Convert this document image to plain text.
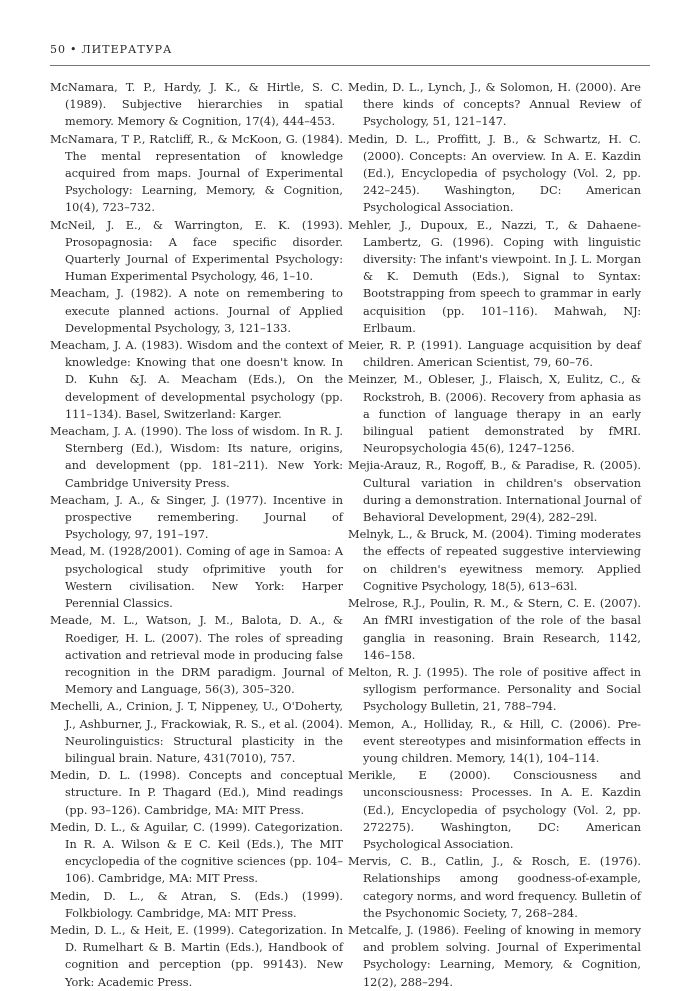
50 • ЛИТЕРАТУРА

McNamara, T. P., Hardy, J. K., & Hirtle, S. C. (1989). Subjective hierarchies in spatial memory. Memory & Cognition, 17(4), 444–453.

McNamara, T P., Ratcliff, R., & McKoon, G. (1984). The mental representation of knowledge acquired from maps. Journal of Experimental Psychology: Learning, Memory, & Cognition, 10(4), 723–732.

McNeil, J. E., & Warrington, E. K. (1993). Prosopagnosia: A face specific disorder. Quarterly Journal of Experimental Psychology: Human Experimental Psychology, 46, 1–10.

Meacham, J. (1982). A note on remembering to execute planned actions. Journal of Applied Developmental Psychology, 3, 121–133.

Meacham, J. A. (1983). Wisdom and the context of knowledge: Knowing that one doesn't know. In D. Kuhn &J. A. Meacham (Eds.), On the development of developmental psychology (pp. 111–134). Basel, Switzerland: Karger.

Meacham, J. A. (1990). The loss of wisdom. In R. J. Sternberg (Ed.), Wisdom: Its nature, origins, and development (pp. 181–211). New York: Cambridge University Press.

Meacham, J. A., & Singer, J. (1977). Incentive in prospective remembering. Journal of Psychology, 97, 191–197.

Mead, M. (1928/2001). Coming of age in Samoa: A psychological study ofprimitive youth for Western civilisation. New York: Harper Perennial Classics.

Meade, M. L., Watson, J. M., Balota, D. A., & Roediger, H. L. (2007). The roles of spreading activation and retrieval mode in producing false recognition in the DRM paradigm. Journal of Memory and Language, 56(3), 305–320.

Mechelli, A., Crinion, J. T, Nippeney, U., O'Doherty, J., Ashburner, J., Frackowiak, R. S., et al. (2004). Neurolinguistics: Structural plasticity in the bilingual brain. Nature, 431(7010), 757.

Medin, D. L. (1998). Concepts and conceptual structure. In P. Thagard (Ed.), Mind readings (pp. 93–126). Cambridge, MA: MIT Press.

Medin, D. L., & Aguilar, C. (1999). Categorization. In R. A. Wilson & E C. Keil (Eds.), The MIT encyclopedia of the cognitive sciences (pp. 104–106). Cambridge, MA: MIT Press.

Medin, D. L., & Atran, S. (Eds.) (1999). Folkbiology. Cambridge, MA: MIT Press.

Medin, D. L., & Heit, E. (1999). Categorization. In D. Rumelhart & B. Martin (Eds.), Handbook of cognition and perception (pp. 99143). New York: Academic Press.

Medin, D. L., Lynch, J., & Solomon, H. (2000). Are there kinds of concepts? Annual Review of Psychology, 51, 121–147.

Medin, D. L., Proffitt, J. B., & Schwartz, H. C. (2000). Concepts: An overview. In A. E. Kazdin (Ed.), Encyclopedia of psychology (Vol. 2, pp. 242–245). Washington, DC: American Psychological Association.

Mehler, J., Dupoux, E., Nazzi, T., & Dahaene-Lambertz, G. (1996). Coping with linguistic diversity: The infant's viewpoint. In J. L. Morgan & K. Demuth (Eds.), Signal to Syntax: Bootstrapping from speech to grammar in early acquisition (pp. 101–116). Mahwah, NJ: Erlbaum.

Meier, R. P. (1991). Language acquisition by deaf children. American Scientist, 79, 60–76.

Meinzer, M., Obleser, J., Flaisch, X, Eulitz, C., & Rockstroh, B. (2006). Recovery from aphasia as a function of language therapy in an early bilingual patient demonstrated by fMRI. Neuropsychologia 45(6), 1247–1256.

Mejia-Arauz, R., Rogoff, B., & Paradise, R. (2005). Cultural variation in children's observation during a demonstration. International Journal of Behavioral Development, 29(4), 282–29l.

Melnyk, L., & Bruck, M. (2004). Timing moderates the effects of repeated suggestive interviewing on children's eyewitness memory. Applied Cognitive Psychology, 18(5), 613–63l.

Melrose, R.J., Poulin, R. M., & Stern, C. E. (2007). An fMRI investigation of the role of the basal ganglia in reasoning. Brain Research, 1142, 146–158.

Melton, R. J. (1995). The role of positive affect in syllogism performance. Personality and Social Psychology Bulletin, 21, 788–794.

Memon, A., Holliday, R., & Hill, C. (2006). Pre-event stereotypes and misinformation effects in young children. Memory, 14(1), 104–114.

Merikle, E (2000). Consciousness and unconsciousness: Processes. In A. E. Kazdin (Ed.), Encyclopedia of psychology (Vol. 2, pp. 272275). Washington, DC: American Psychological Association.

Mervis, C. B., Catlin, J., & Rosch, E. (1976). Relationships among goodness-of-example, category norms, and word frequency. Bulletin of the Psychonomic Society, 7, 268–284.

Metcalfe, J. (1986). Feeling of knowing in memory and problem solving. Journal of Experimental Psychology: Learning, Memory, & Cognition, 12(2), 288–294.
